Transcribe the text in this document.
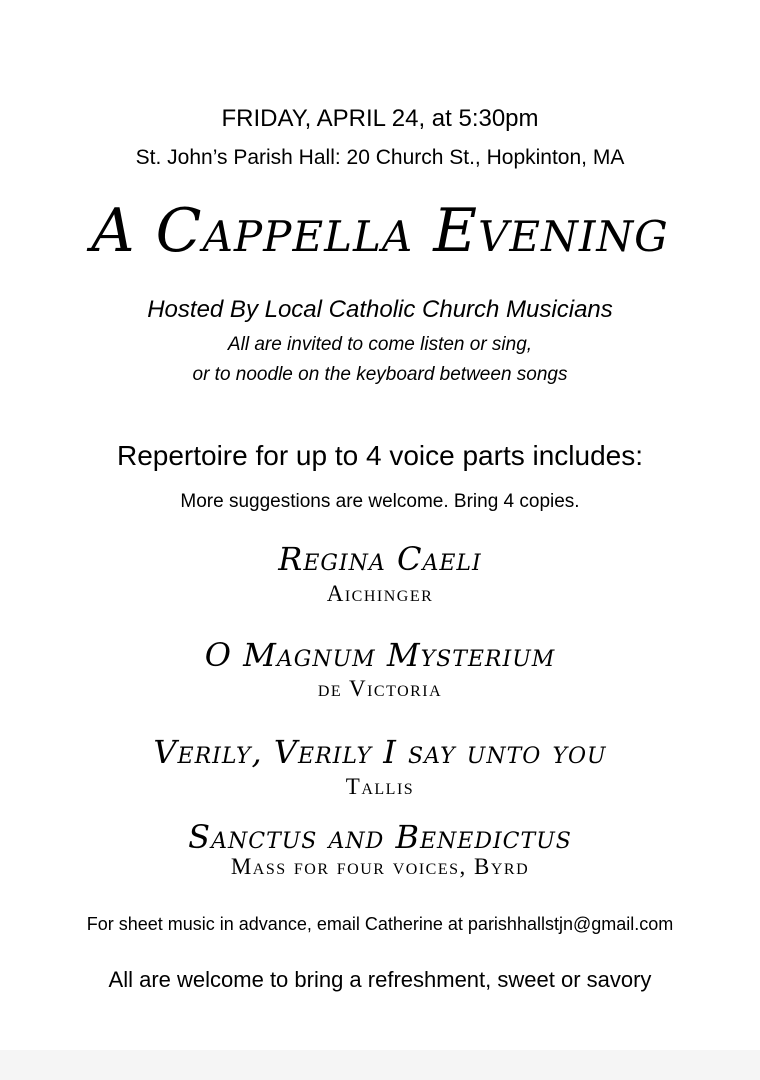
FRIDAY, APRIL 24, at 5:30pm
St. John’s Parish Hall: 20 Church St., Hopkinton, MA
A Cappella Evening
Hosted By Local Catholic Church Musicians
All are invited to come listen or sing,
or to noodle on the keyboard between songs
Repertoire for up to 4 voice parts includes:
More suggestions are welcome. Bring 4 copies.
Regina Caeli
Aichinger
O Magnum Mysterium
de Victoria
Verily, Verily I say unto you
Tallis
Sanctus and Benedictus
Mass for four voices, Byrd
For sheet music in advance, email Catherine at parishhallstjn@gmail.com
All are welcome to bring a refreshment, sweet or savory
